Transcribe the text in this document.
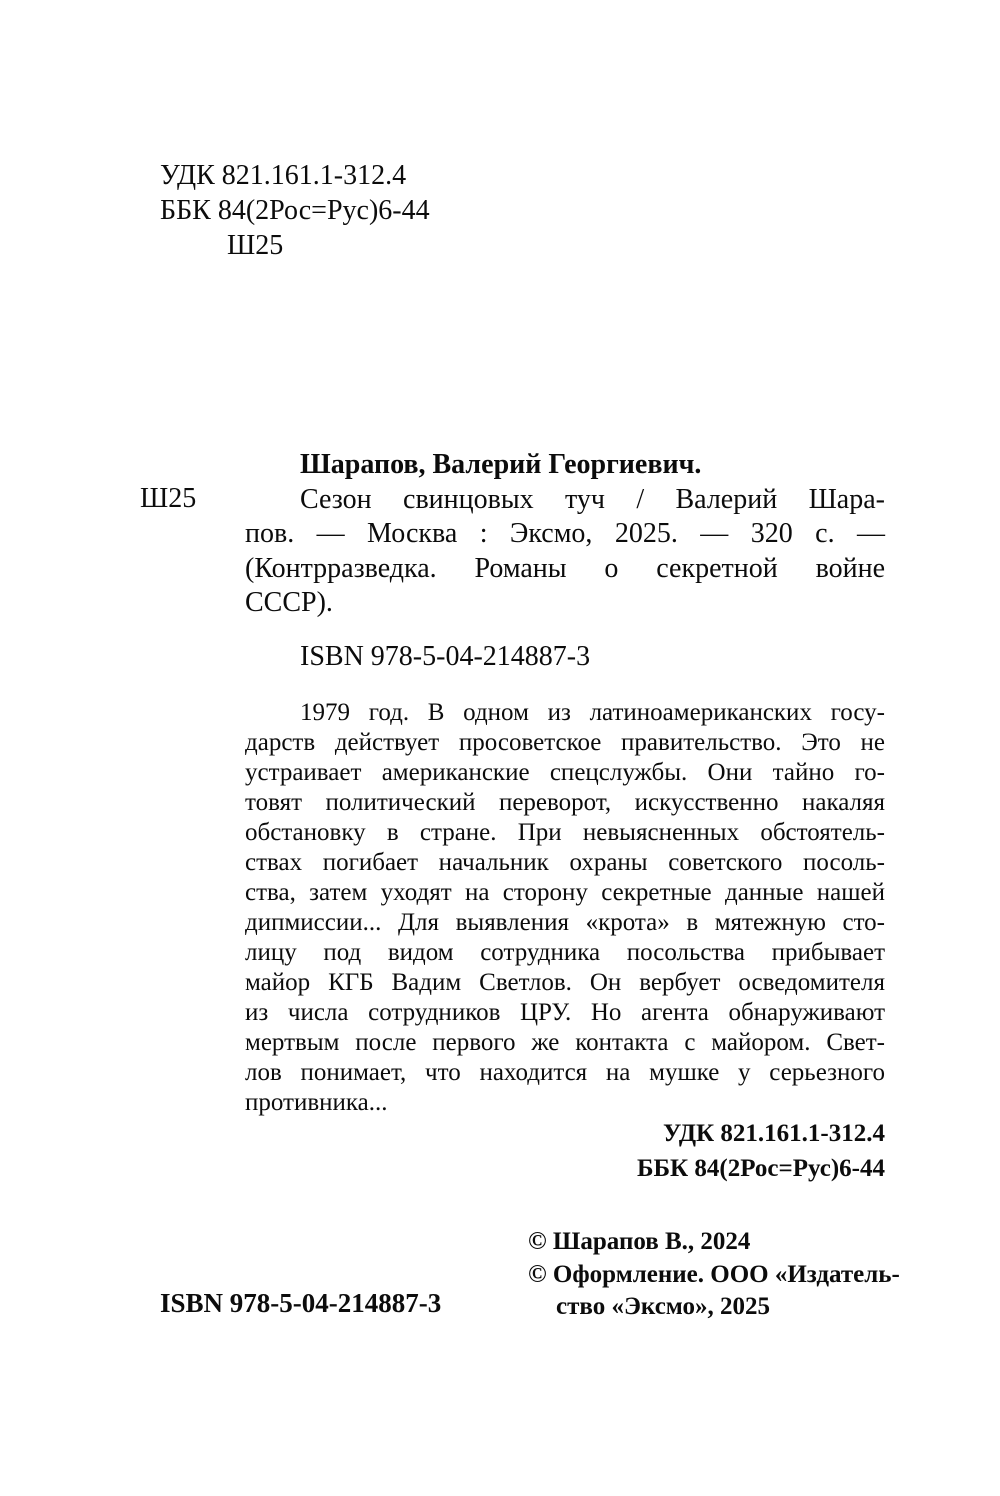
УДК 821.161.1-312.4
ББК 84(2Рос=Рус)6-44
Ш25
Ш25
Шарапов, Валерий Георгиевич.
Сезон свинцовых туч / Валерий Шара-
пов. — Москва : Эксмо, 2025. — 320 с. —
(Контрразведка. Романы о секретной войне
СССР).
ISBN 978-5-04-214887-3
1979 год. В одном из латиноамериканских госу-
дарств действует просоветское правительство. Это не
устраивает американские спецслужбы. Они тайно го-
товят политический переворот, искусственно накаляя
обстановку в стране. При невыясненных обстоятель-
ствах погибает начальник охраны советского посоль-
ства, затем уходят на сторону секретные данные нашей
дипмиссии... Для выявления «крота» в мятежную сто-
лицу под видом сотрудника посольства прибывает
майор КГБ Вадим Светлов. Он вербует осведомителя
из числа сотрудников ЦРУ. Но агента обнаруживают
мертвым после первого же контакта с майором. Свет-
лов понимает, что находится на мушке у серьезного
противника...
УДК 821.161.1-312.4
ББК 84(2Рос=Рус)6-44
© Шарапов В., 2024
© Оформление. ООО «Издатель-
ство «Эксмо», 2025
ISBN 978-5-04-214887-3
